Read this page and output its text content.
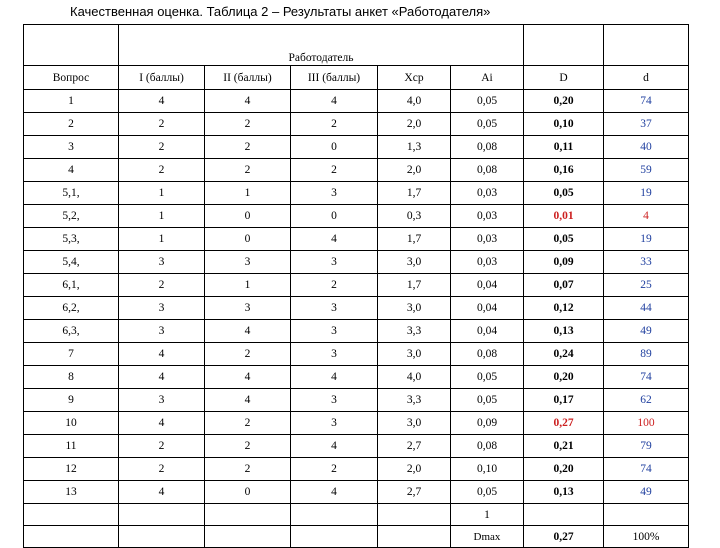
Качественная оценка. Таблица 2 – Результаты анкет «Работодателя»
	Работодатель						
Вопрос	I (баллы)	II (баллы)	III (баллы)	Xcp	Ai	D	d
1	4	4	4	4,0	0,05	0,20	74
2	2	2	2	2,0	0,05	0,10	37
3	2	2	0	1,3	0,08	0,11	40
4	2	2	2	2,0	0,08	0,16	59
5,1,	1	1	3	1,7	0,03	0,05	19
5,2,	1	0	0	0,3	0,03	0,01	4
5,3,	1	0	4	1,7	0,03	0,05	19
5,4,	3	3	3	3,0	0,03	0,09	33
6,1,	2	1	2	1,7	0,04	0,07	25
6,2,	3	3	3	3,0	0,04	0,12	44
6,3,	3	4	3	3,3	0,04	0,13	49
7	4	2	3	3,0	0,08	0,24	89
8	4	4	4	4,0	0,05	0,20	74
9	3	4	3	3,3	0,05	0,17	62
10	4	2	3	3,0	0,09	0,27	100
11	2	2	4	2,7	0,08	0,21	79
12	2	2	2	2,0	0,10	0,20	74
13	4	0	4	2,7	0,05	0,13	49
					1		
					Dmax	0,27	100%
